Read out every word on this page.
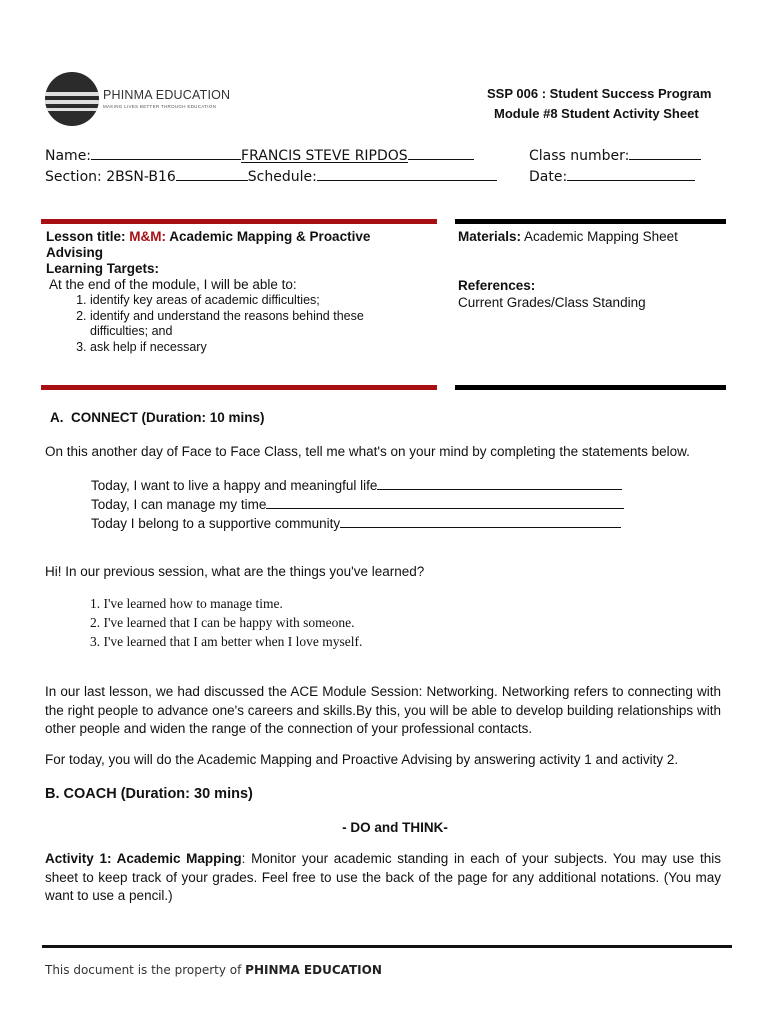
PHINMA EDUCATION
MAKING LIVES BETTER THROUGH EDUCATION
SSP 006 : Student Success Program
Module #8 Student Activity Sheet
Name:	FRANCIS STEVE RIPDOS	Class number:
Section: 2BSN-B16	Schedule:	Date:
Lesson title: M&M: Academic Mapping & Proactive
Advising
Learning Targets:
At the end of the module, I will be able to:
1. identify key areas of academic difficulties;
2. identify and understand the reasons behind these difficulties; and
3. ask help if necessary
Materials: Academic Mapping Sheet
References:
Current Grades/Class Standing
A.  CONNECT (Duration: 10 mins)
On this another day of Face to Face Class, tell me what's on your mind by completing the statements below.
Today, I want to live a happy and meaningful life
Today, I can manage my time
Today I belong to a supportive community
Hi! In our previous session, what are the things you've learned?
1. I've learned how to manage time.
2. I've learned that I can be happy with someone.
3. I've learned that I am better when I love myself.
In our last lesson, we had discussed the ACE Module Session: Networking. Networking refers to connecting with the right people to advance one's careers and skills.By this, you will be able to develop building relationships with other people and widen the range of the connection of your professional contacts.
For today, you will do the Academic Mapping and Proactive Advising by answering activity 1 and activity 2.
B. COACH (Duration: 30 mins)
- DO and THINK-
Activity 1: Academic Mapping: Monitor your academic standing in each of your subjects. You may use this sheet to keep track of your grades. Feel free to use the back of the page for any additional notations. (You may want to use a pencil.)
This document is the property of PHINMA EDUCATION
